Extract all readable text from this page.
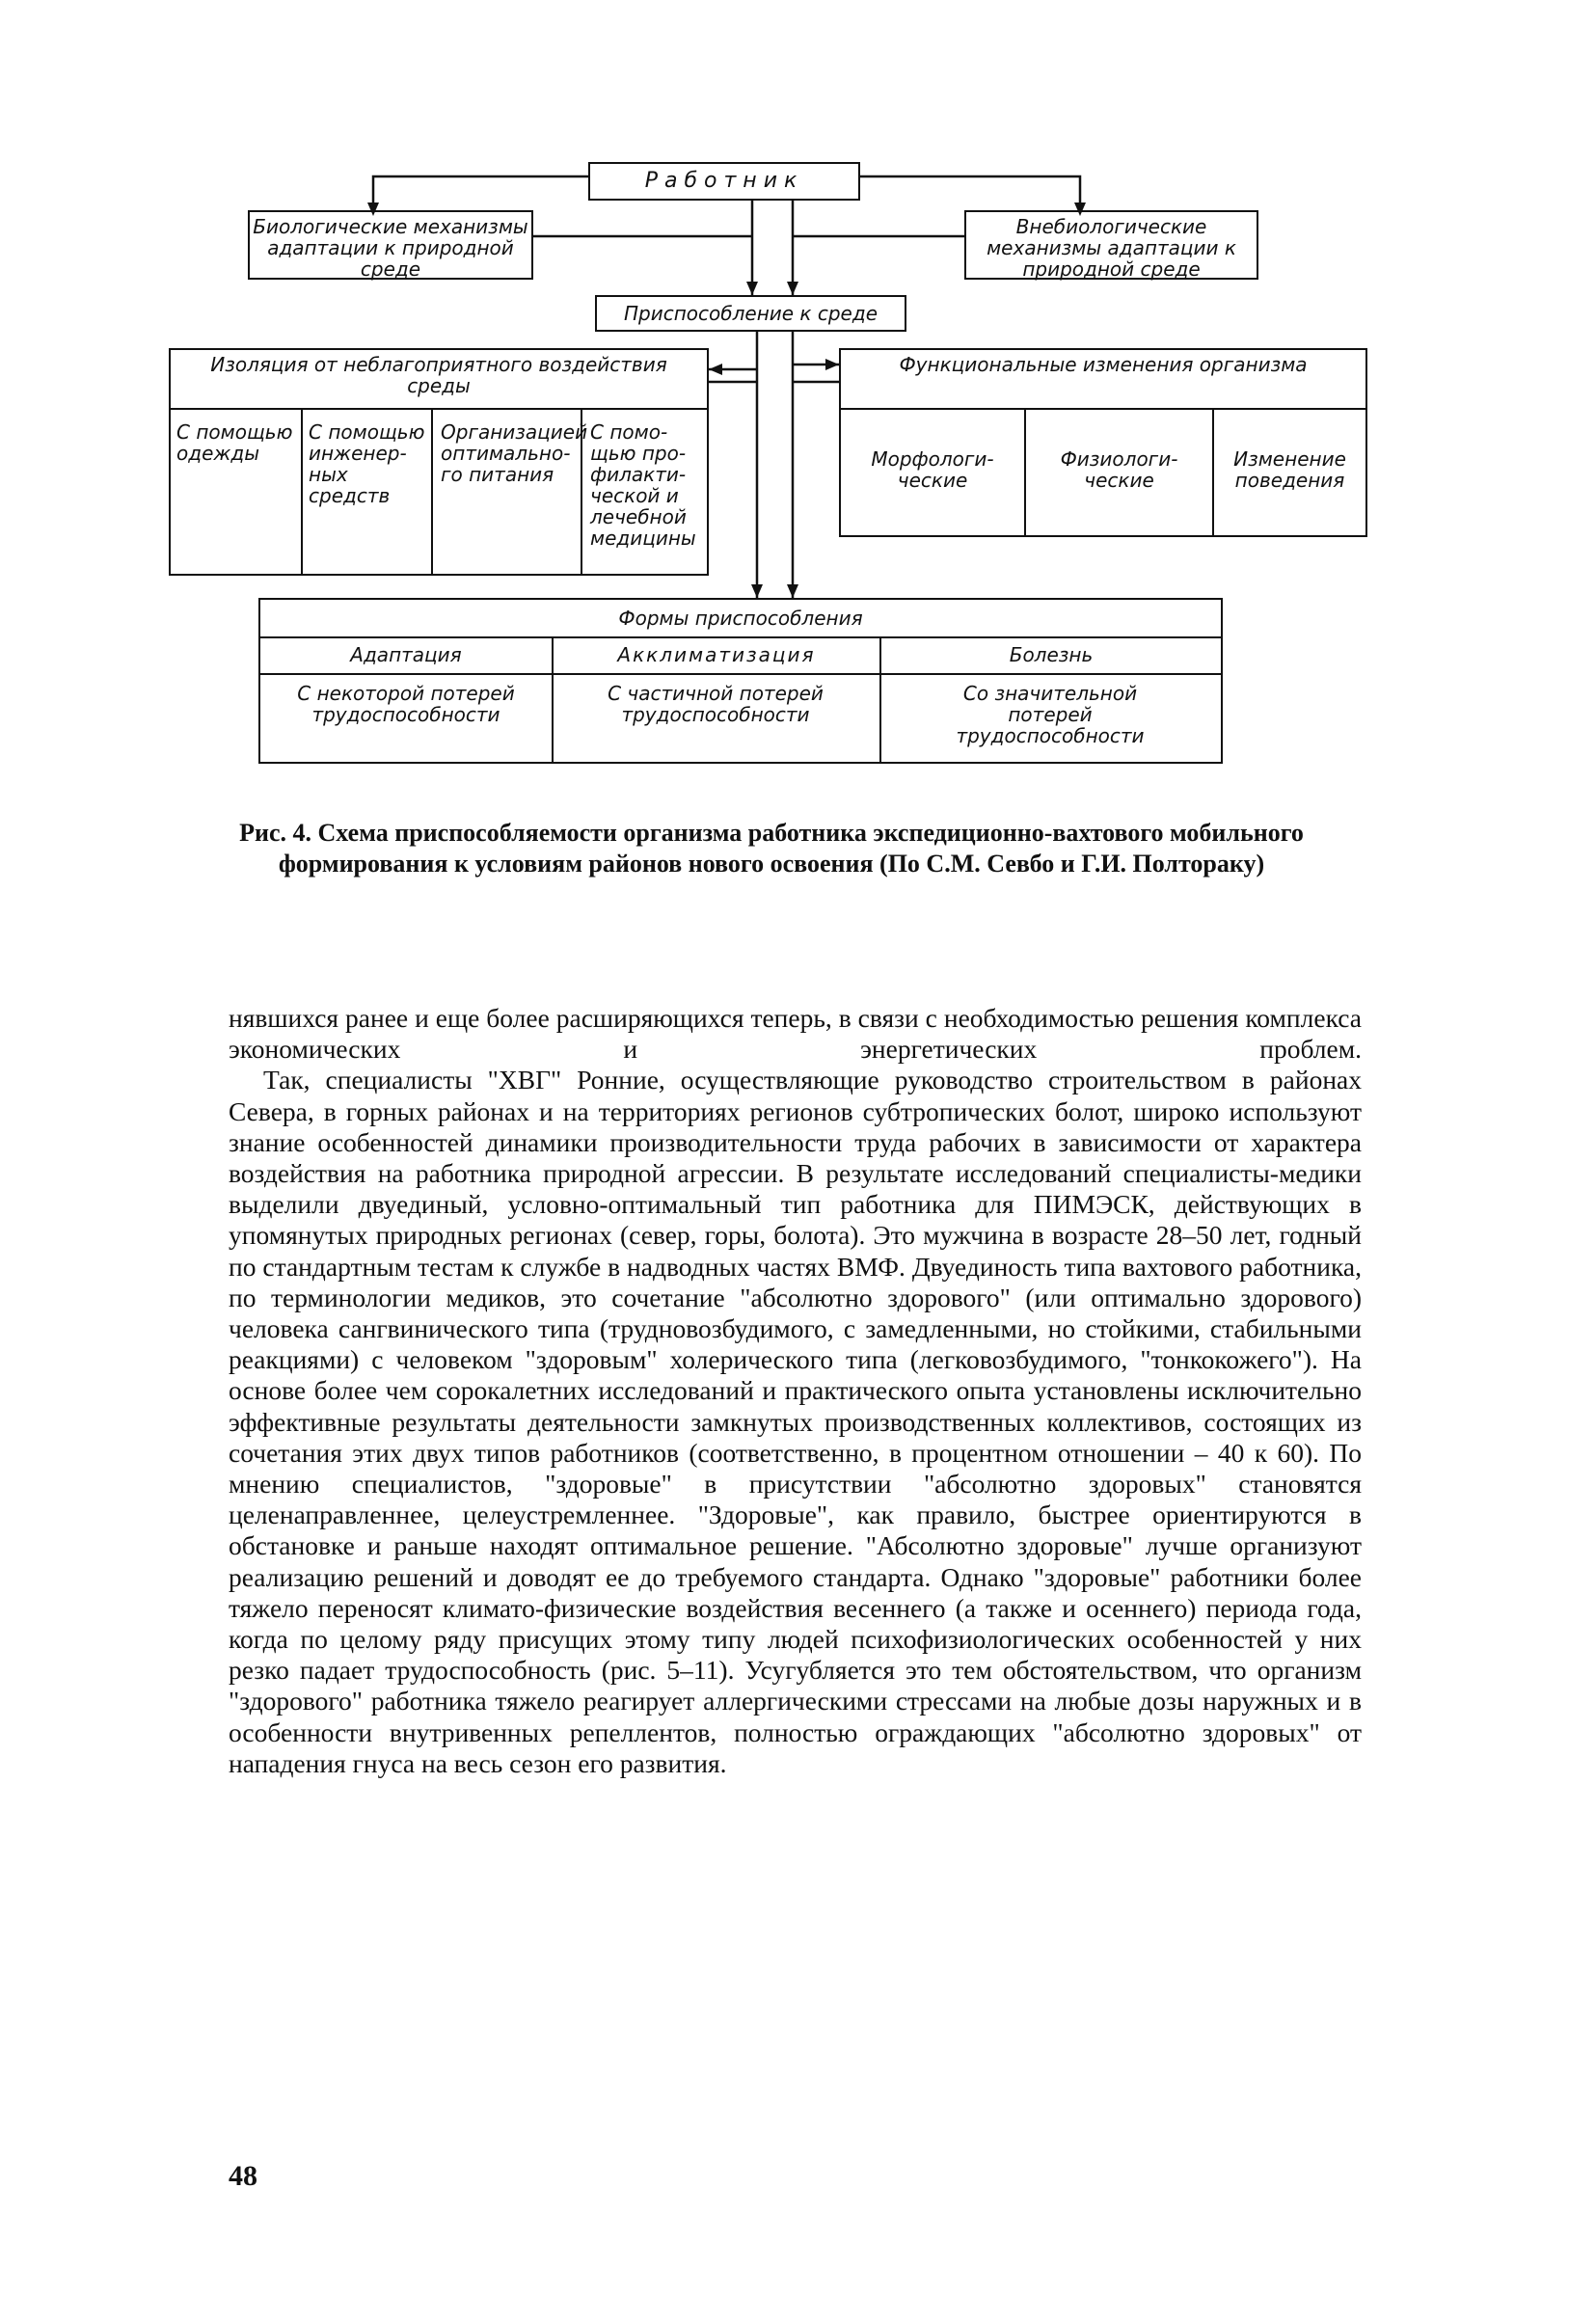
Работник
Биологические механизмы адаптации к природной среде
Внебиологические механизмы адаптации к природной среде
Приспособление к среде
Изоляция от неблагоприятного воздействия среды
С помощью одежды
С помощью инженер-ных средств
Организацией оптимально-го питания
С помо-щью про-филакти-ческой и лечебной медицины
Функциональные изменения организма
Морфологи-ческие
Физиологи-ческие
Изменение поведения
Формы приспособления
Адаптация	Акклиматизация	Болезнь
С некоторой потерей трудоспособности
С частичной потерей трудоспособности
Со значительной потерей трудоспособности
Рис. 4. Схема приспособляемости организма работника экспедиционно-вахтового мобильного формирования к условиям районов нового освоения (По С.М. Севбо и Г.И. Полтораку)

нявшихся ранее и еще более расширяющихся теперь, в связи с необходимостью решения комплекса экономических и энергетических проблем.

Так, специалисты "ХВГ" Ронние, осуществляющие руководство строительством в районах Севера, в горных районах и на территориях регионов субтропических болот, широко используют знание особенностей динамики производительности труда рабочих в зависимости от характера воздействия на работника природной агрессии. В результате исследований специалисты-медики выделили двуединый, условно-оптимальный тип работника для ПИМЭСК, действующих в упомянутых природных регионах (север, горы, болота). Это мужчина в возрасте 28–50 лет, годный по стандартным тестам к службе в надводных частях ВМФ. Двуединость типа вахтового работника, по терминологии медиков, это сочетание "абсолютно здорового" (или оптимально здорового) человека сангвинического типа (трудновозбудимого, с замедленными, но стойкими, стабильными реакциями) с человеком "здоровым" холерического типа (легковозбудимого, "тонкокожего"). На основе более чем сорокалетних исследований и практического опыта установлены исключительно эффективные результаты деятельности замкнутых производственных коллективов, состоящих из сочетания этих двух типов работников (соответственно, в процентном отношении – 40 к 60). По мнению специалистов, "здоровые" в присутствии "абсолютно здоровых" становятся целенаправленнее, целеустремленнее. "Здоровые", как правило, быстрее ориентируются в обстановке и раньше находят оптимальное решение. "Абсолютно здоровые" лучше организуют реализацию решений и доводят ее до требуемого стандарта. Однако "здоровые" работники более тяжело переносят климато-физические воздействия весеннего (а также и осеннего) периода года, когда по целому ряду присущих этому типу людей психофизиологических особенностей у них резко падает трудоспособность (рис. 5–11). Усугубляется это тем обстоятельством, что организм "здорового" работника тяжело реагирует аллергическими стрессами на любые дозы наружных и в особенности внутривенных репеллентов, полностью ограждающих "абсолютно здоровых" от нападения гнуса на весь сезон его развития.

48
